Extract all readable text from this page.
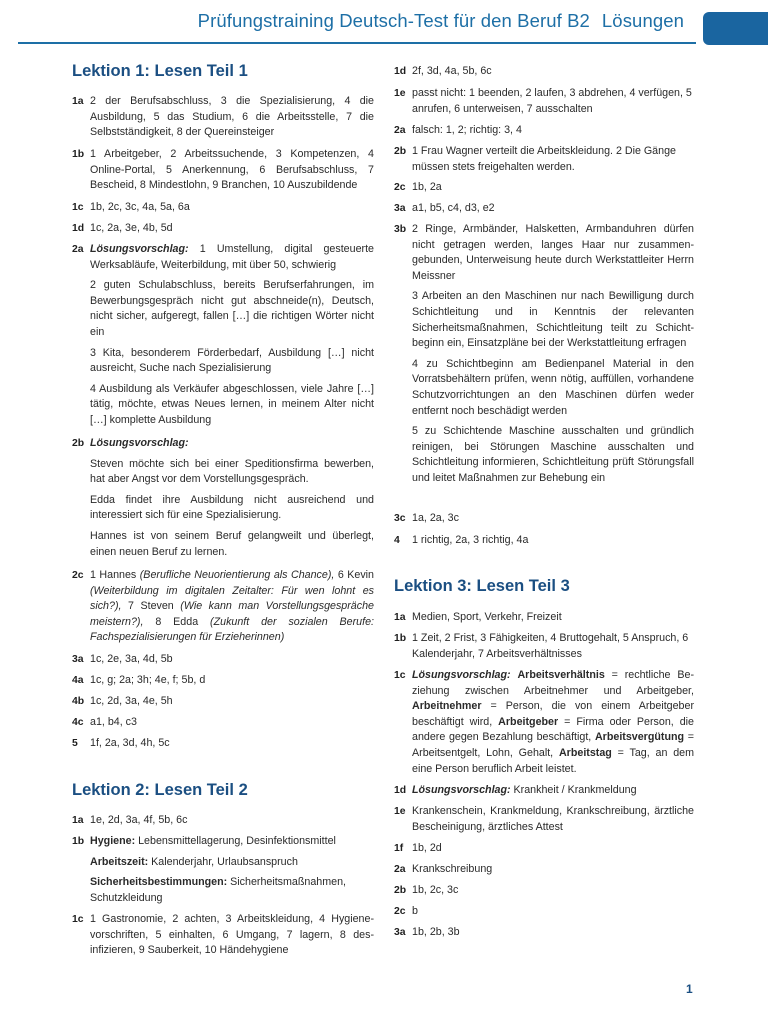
Prüfungstraining Deutsch-Test für den Beruf B2 Lösungen
Lektion 1: Lesen Teil 1
1a 2 der Berufsabschluss, 3 die Spezialisierung, 4 die Ausbildung, 5 das Studium, 6 die Arbeitsstelle, 7 die Selbstständigkeit, 8 der Quereinsteiger
1b 1 Arbeitgeber, 2 Arbeitssuchende, 3 Kompetenzen, 4 Online-Portal, 5 Anerkennung, 6 Berufsabschluss, 7 Bescheid, 8 Mindestlohn, 9 Branchen, 10 Auszubildende
1c 1b, 2c, 3c, 4a, 5a, 6a
1d 1c, 2a, 3e, 4b, 5d
2a Lösungsvorschlag: 1 Umstellung, digital gesteuerte Werksabläufe, Weiterbildung, mit über 50, schwierig
2 guten Schulabschluss, bereits Berufserfahrungen, im Bewerbungsgespräch nicht gut abschneide(n), Deutsch, nicht sicher, aufgeregt, fallen […] die richtigen Wörter nicht ein
3 Kita, besonderem Förderbedarf, Ausbildung […] nicht ausreicht, Suche nach Spezialisierung
4 Ausbildung als Verkäufer abgeschlossen, viele Jahre […] tätig, möchte, etwas Neues lernen, in meinem Alter nicht […] komplette Ausbildung
2b Lösungsvorschlag:
Steven möchte sich bei einer Speditionsfirma bewerben, hat aber Angst vor dem Vorstellungsgespräch.
Edda findet ihre Ausbildung nicht ausreichend und interessiert sich für eine Spezialisierung.
Hannes ist von seinem Beruf gelangweilt und überlegt, einen neuen Beruf zu lernen.
2c 1 Hannes (Berufliche Neuorientierung als Chance), 6 Kevin (Weiterbildung im digitalen Zeitalter: Für wen lohnt es sich?), 7 Steven (Wie kann man Vorstellungsgespräche meistern?), 8 Edda (Zukunft der sozialen Berufe: Fachspezialisierungen für Erzieherinnen)
3a 1c, 2e, 3a, 4d, 5b
4a 1c, g; 2a; 3h; 4e, f; 5b, d
4b 1c, 2d, 3a, 4e, 5h
4c a1, b4, c3
5 1f, 2a, 3d, 4h, 5c
Lektion 2: Lesen Teil 2
1a 1e, 2d, 3a, 4f, 5b, 6c
1b Hygiene: Lebensmittellagerung, Desinfektionsmittel
Arbeitszeit: Kalenderjahr, Urlaubsanspruch
Sicherheitsbestimmungen: Sicherheitsmaßnahmen, Schutzkleidung
1c 1 Gastronomie, 2 achten, 3 Arbeitskleidung, 4 Hygienevorschriften, 5 einhalten, 6 Umgang, 7 lagern, 8 desinfizieren, 9 Sauberkeit, 10 Händehygiene
1d 2f, 3d, 4a, 5b, 6c
1e passt nicht: 1 beenden, 2 laufen, 3 abdrehen, 4 verfügen, 5 anrufen, 6 unterweisen, 7 ausschalten
2a falsch: 1, 2; richtig: 3, 4
2b 1 Frau Wagner verteilt die Arbeitskleidung. 2 Die Gänge müssen stets freigehalten werden.
2c 1b, 2a
3a a1, b5, c4, d3, e2
3b 2 Ringe, Armbänder, Halsketten, Armbanduhren dürfen nicht getragen werden, langes Haar nur zusammengebunden, Unterweisung heute durch Werkstattleiter Herrn Meissner
3 Arbeiten an den Maschinen nur nach Bewilligung durch Schichtleitung und in Kenntnis der relevanten Sicherheitsmaßnahmen, Schichtleitung teilt zu Schichtbeginn ein, Einsatzpläne bei der Werkstattleitung erfragen
4 zu Schichtbeginn am Bedienpanel Material in den Vorratsbehältern prüfen, wenn nötig, auffüllen, vorhandene Schutzvorrichtungen an den Maschinen dürfen weder entfernt noch beschädigt werden
5 zu Schichtende Maschine ausschalten und gründlich reinigen, bei Störungen Maschine ausschalten und Schichtleitung informieren, Schichtleitung prüft Störungsfall und leitet Maßnahmen zur Behebung ein
3c 1a, 2a, 3c
4 1 richtig, 2a, 3 richtig, 4a
Lektion 3: Lesen Teil 3
1a Medien, Sport, Verkehr, Freizeit
1b 1 Zeit, 2 Frist, 3 Fähigkeiten, 4 Bruttogehalt, 5 Anspruch, 6 Kalenderjahr, 7 Arbeitsverhältnisses
1c Lösungsvorschlag: Arbeitsverhältnis = rechtliche Beziehung zwischen Arbeitnehmer und Arbeitgeber, Arbeitnehmer = Person, die von einem Arbeitgeber beschäftigt wird, Arbeitgeber = Firma oder Person, die andere gegen Bezahlung beschäftigt, Arbeitsvergütung = Arbeitsentgelt, Lohn, Gehalt, Arbeitstag = Tag, an dem eine Person beruflich Arbeit leistet.
1d Lösungsvorschlag: Krankheit / Krankmeldung
1e Krankenschein, Krankmeldung, Krankschreibung, ärztliche Bescheinigung, ärztliches Attest
1f 1b, 2d
2a Krankschreibung
2b 1b, 2c, 3c
2c b
3a 1b, 2b, 3b
1
